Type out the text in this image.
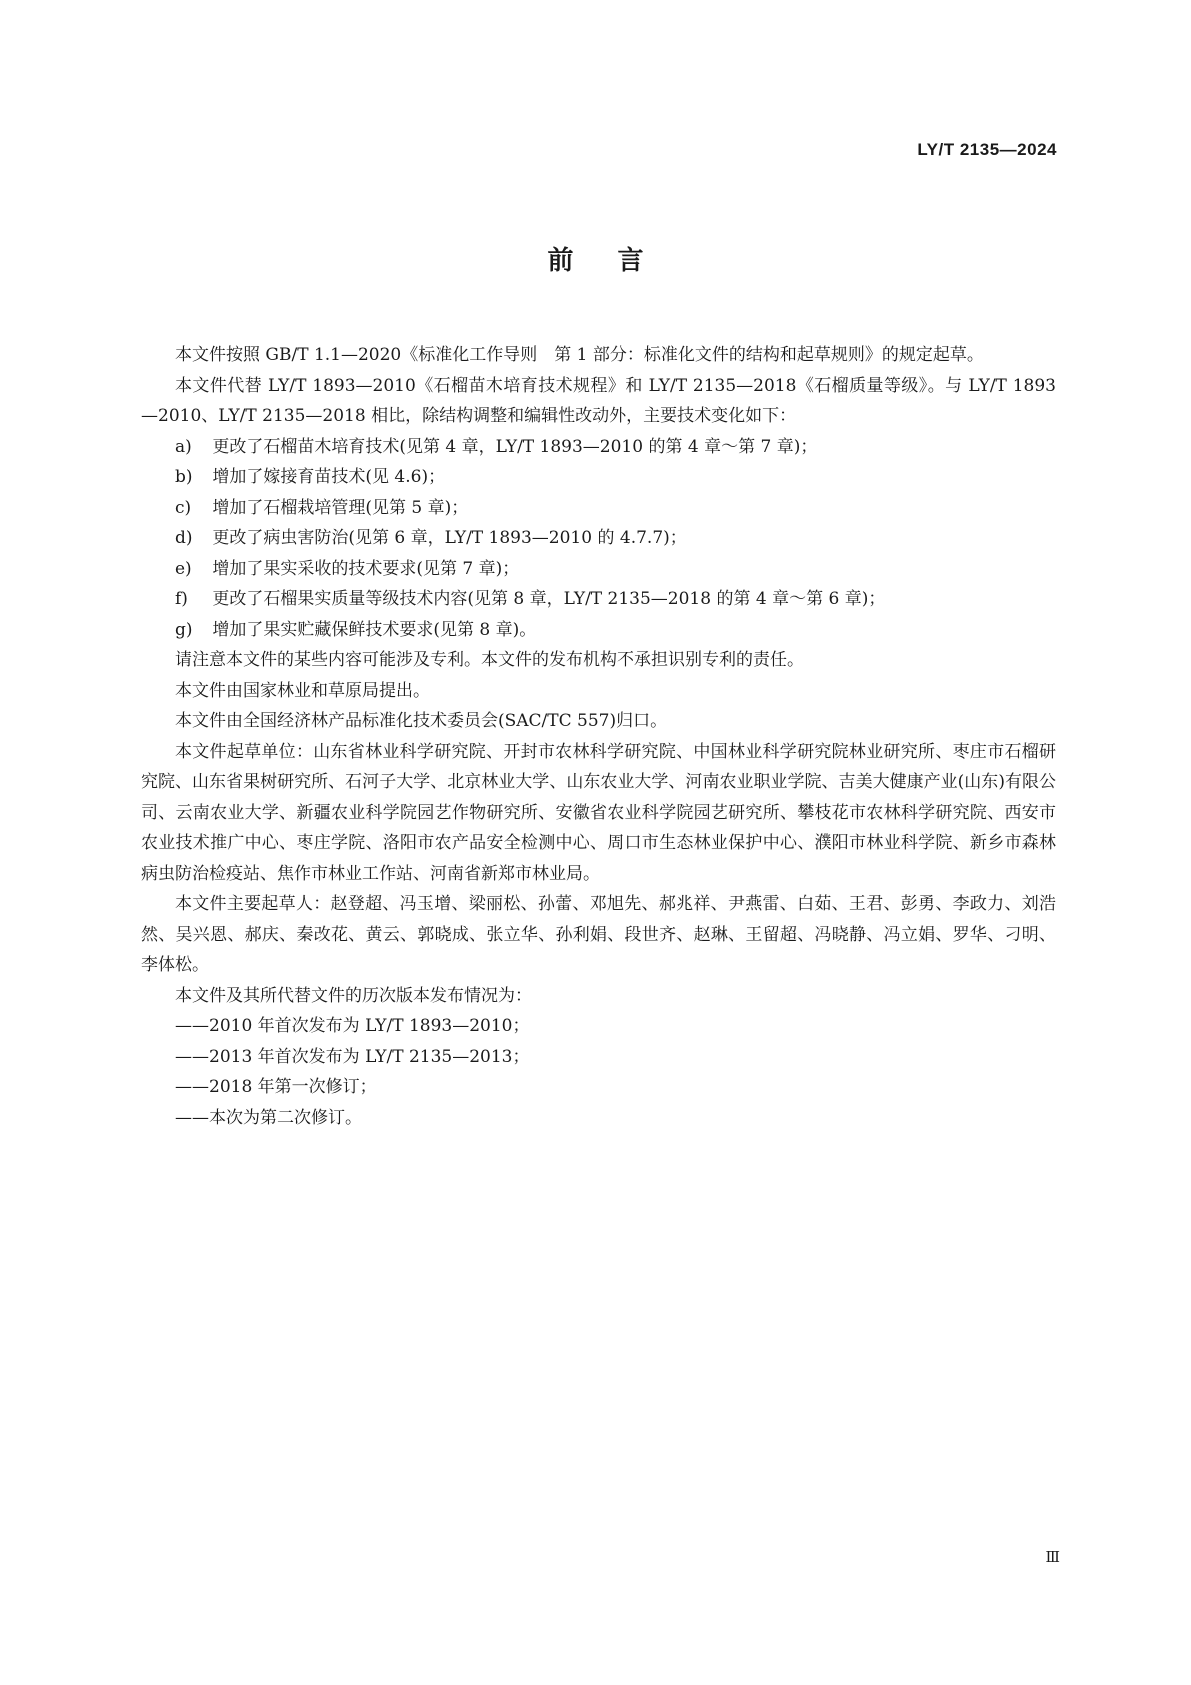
LY/T 2135—2024
前言

本文件按照 GB/T 1.1—2020《标准化工作导则　第 1 部分：标准化文件的结构和起草规则》的规定起草。

本文件代替 LY/T 1893—2010《石榴苗木培育技术规程》和 LY/T 2135—2018《石榴质量等级》。与 LY/T 1893—2010、LY/T 2135—2018 相比，除结构调整和编辑性改动外，主要技术变化如下：

a) 更改了石榴苗木培育技术(见第 4 章，LY/T 1893—2010 的第 4 章～第 7 章)；

b) 增加了嫁接育苗技术(见 4.6)；

c) 增加了石榴栽培管理(见第 5 章)；

d) 更改了病虫害防治(见第 6 章，LY/T 1893—2010 的 4.7.7)；

e) 增加了果实采收的技术要求(见第 7 章)；

f) 更改了石榴果实质量等级技术内容(见第 8 章，LY/T 2135—2018 的第 4 章～第 6 章)；

g) 增加了果实贮藏保鲜技术要求(见第 8 章)。

请注意本文件的某些内容可能涉及专利。本文件的发布机构不承担识别专利的责任。

本文件由国家林业和草原局提出。

本文件由全国经济林产品标准化技术委员会(SAC/TC 557)归口。

本文件起草单位：山东省林业科学研究院、开封市农林科学研究院、中国林业科学研究院林业研究所、枣庄市石榴研究院、山东省果树研究所、石河子大学、北京林业大学、山东农业大学、河南农业职业学院、吉美大健康产业(山东)有限公司、云南农业大学、新疆农业科学院园艺作物研究所、安徽省农业科学院园艺研究所、攀枝花市农林科学研究院、西安市农业技术推广中心、枣庄学院、洛阳市农产品安全检测中心、周口市生态林业保护中心、濮阳市林业科学院、新乡市森林病虫防治检疫站、焦作市林业工作站、河南省新郑市林业局。

本文件主要起草人：赵登超、冯玉增、梁丽松、孙蕾、邓旭先、郝兆祥、尹燕雷、白茹、王君、彭勇、李政力、刘浩然、吴兴恩、郝庆、秦改花、黄云、郭晓成、张立华、孙利娟、段世齐、赵琳、王留超、冯晓静、冯立娟、罗华、刁明、李体松。

本文件及其所代替文件的历次版本发布情况为：

——2010 年首次发布为 LY/T 1893—2010；

——2013 年首次发布为 LY/T 2135—2013；

——2018 年第一次修订；

——本次为第二次修订。

Ⅲ
